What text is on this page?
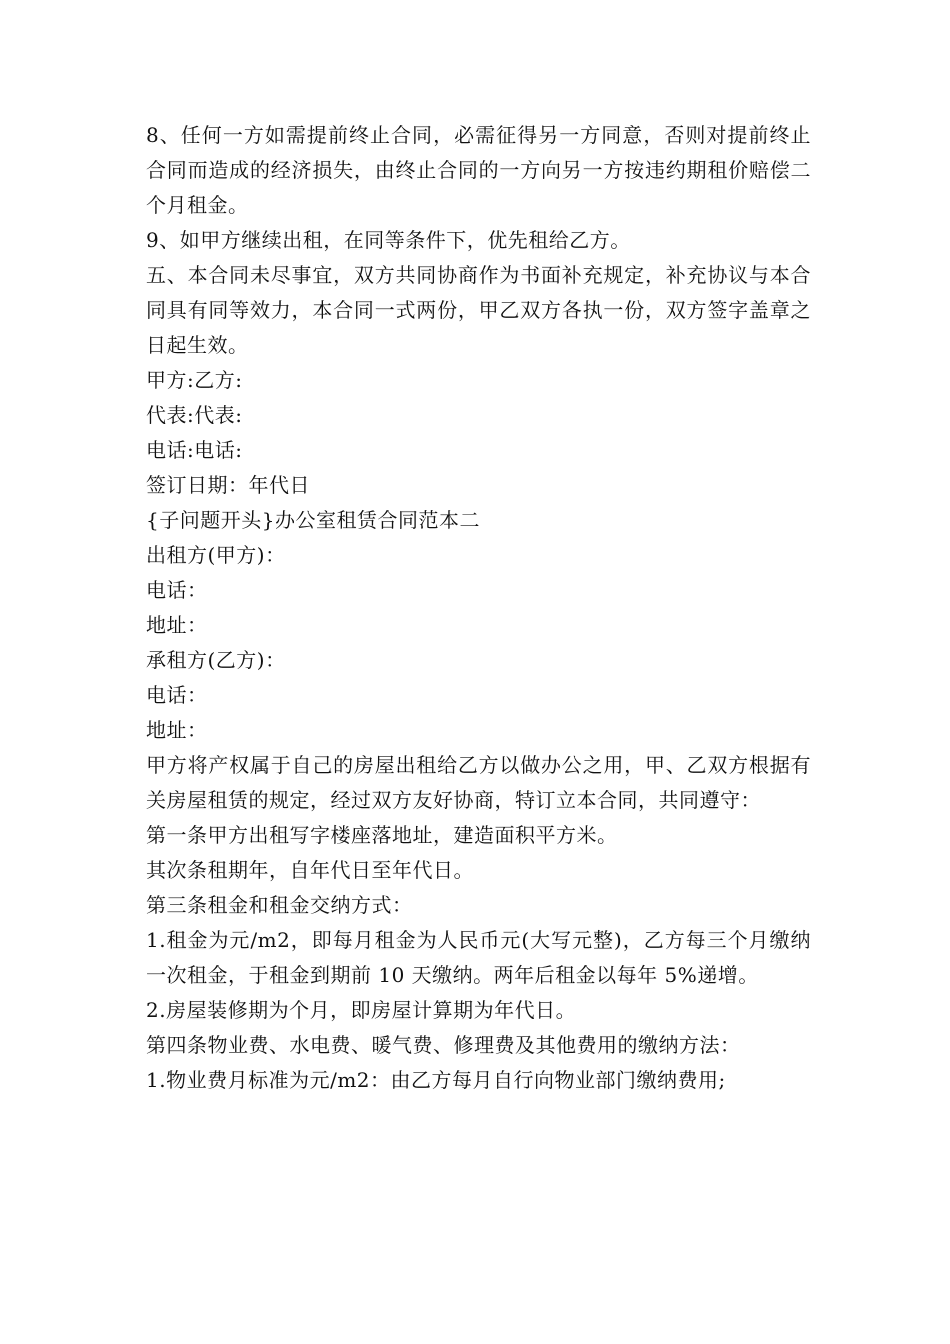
8、任何一方如需提前终止合同，必需征得另一方同意，否则对提前终止合同而造成的经济损失，由终止合同的一方向另一方按违约期租价赔偿二个月租金。

9、如甲方继续出租，在同等条件下，优先租给乙方。

五、本合同未尽事宜，双方共同协商作为书面补充规定，补充协议与本合同具有同等效力，本合同一式两份，甲乙双方各执一份，双方签字盖章之日起生效。

甲方:乙方:

代表:代表:

电话:电话:

签订日期：年代日

{子问题开头}办公室租赁合同范本二

出租方(甲方)：

电话：

地址：

承租方(乙方)：

电话：

地址：

甲方将产权属于自己的房屋出租给乙方以做办公之用，甲、乙双方根据有关房屋租赁的规定，经过双方友好协商，特订立本合同，共同遵守：

第一条甲方出租写字楼座落地址，建造面积平方米。

其次条租期年，自年代日至年代日。

第三条租金和租金交纳方式：

1.租金为元/m2，即每月租金为人民币元(大写元整)，乙方每三个月缴纳一次租金，于租金到期前 10 天缴纳。两年后租金以每年 5%递增。

2.房屋装修期为个月，即房屋计算期为年代日。

第四条物业费、水电费、暖气费、修理费及其他费用的缴纳方法：

1.物业费月标准为元/m2：由乙方每月自行向物业部门缴纳费用;
